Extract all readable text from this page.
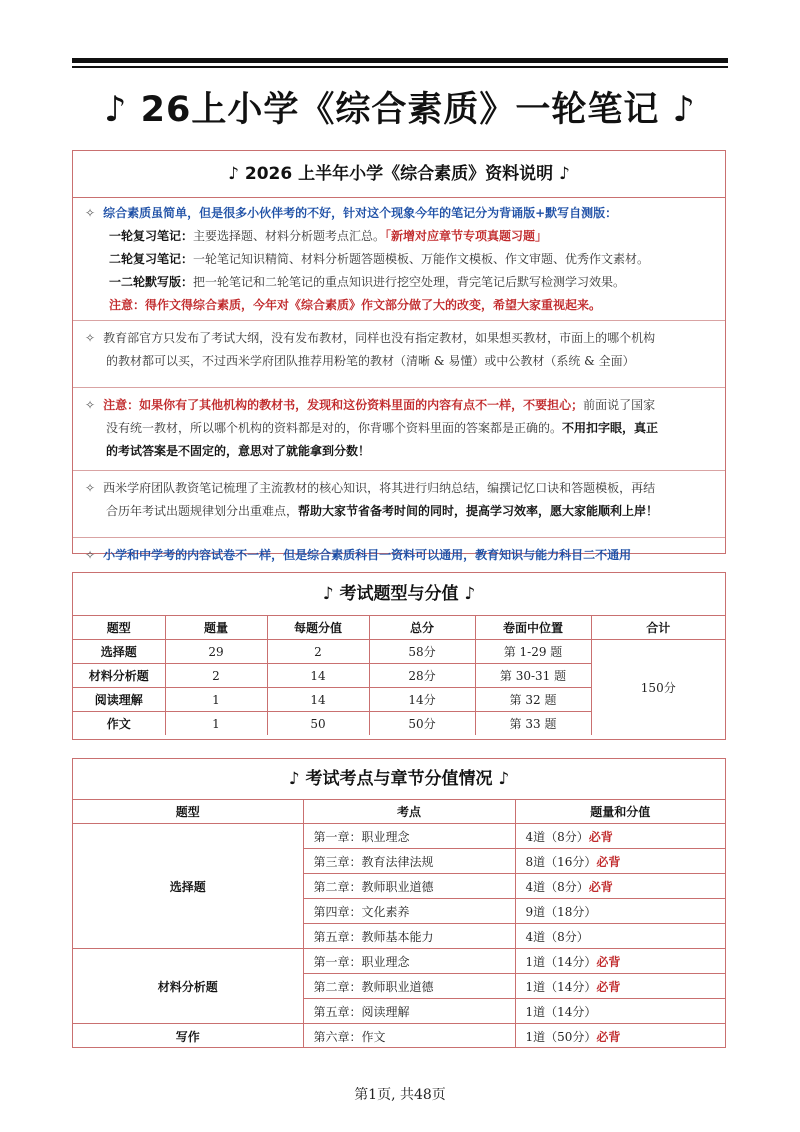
♪ 26上小学《综合素质》一轮笔记 ♪
♪ 2026 上半年小学《综合素质》资料说明 ♪
✧ 综合素质虽简单，但是很多小伙伴考的不好，针对这个现象今年的笔记分为背诵版+默写自测版：
一轮复习笔记：主要选择题、材料分析题考点汇总。「新增对应章节专项真题习题」
二轮复习笔记：一轮笔记知识精简、材料分析题答题模板、万能作文模板、作文审题、优秀作文素材。
一二轮默写版：把一轮笔记和二轮笔记的重点知识进行挖空处理，背完笔记后默写检测学习效果。
注意：得作文得综合素质，今年对《综合素质》作文部分做了大的改变，希望大家重视起来。
✧ 教育部官方只发布了考试大纲，没有发布教材，同样也没有指定教材，如果想买教材，市面上的哪个机构
的教材都可以买，不过西米学府团队推荐用粉笔的教材（清晰 & 易懂）或中公教材（系统 & 全面）
✧ 注意：如果你有了其他机构的教材书，发现和这份资料里面的内容有点不一样，不要担心；前面说了国家
没有统一教材，所以哪个机构的资料都是对的，你背哪个资料里面的答案都是正确的。不用扣字眼，真正
的考试答案是不固定的，意思对了就能拿到分数！
✧ 西米学府团队教资笔记梳理了主流教材的核心知识，将其进行归纳总结，编撰记忆口诀和答题模板，再结
合历年考试出题规律划分出重难点，帮助大家节省备考时间的同时，提高学习效率，愿大家能顺利上岸！
✧ 小学和中学考的内容试卷不一样，但是综合素质科目一资料可以通用，教育知识与能力科目二不通用
♪ 考试题型与分值 ♪
题型	题量	每题分值	总分	卷面中位置	合计
选择题	29	2	58分	第 1-29 题	150分
材料分析题	2	14	28分	第 30-31 题	
阅读理解	1	14	14分	第 32 题	
作文	1	50	50分	第 33 题	
♪ 考试考点与章节分值情况 ♪
题型	考点	题量和分值
选择题	第一章：职业理念	4道（8分）必背
	第三章：教育法律法规	8道（16分）必背
	第二章：教师职业道德	4道（8分）必背
	第四章：文化素养	9道（18分）
	第五章：教师基本能力	4道（8分）
材料分析题	第一章：职业理念	1道（14分）必背
	第二章：教师职业道德	1道（14分）必背
	第五章：阅读理解	1道（14分）
写作	第六章：作文	1道（50分）必背
第1页, 共48页
